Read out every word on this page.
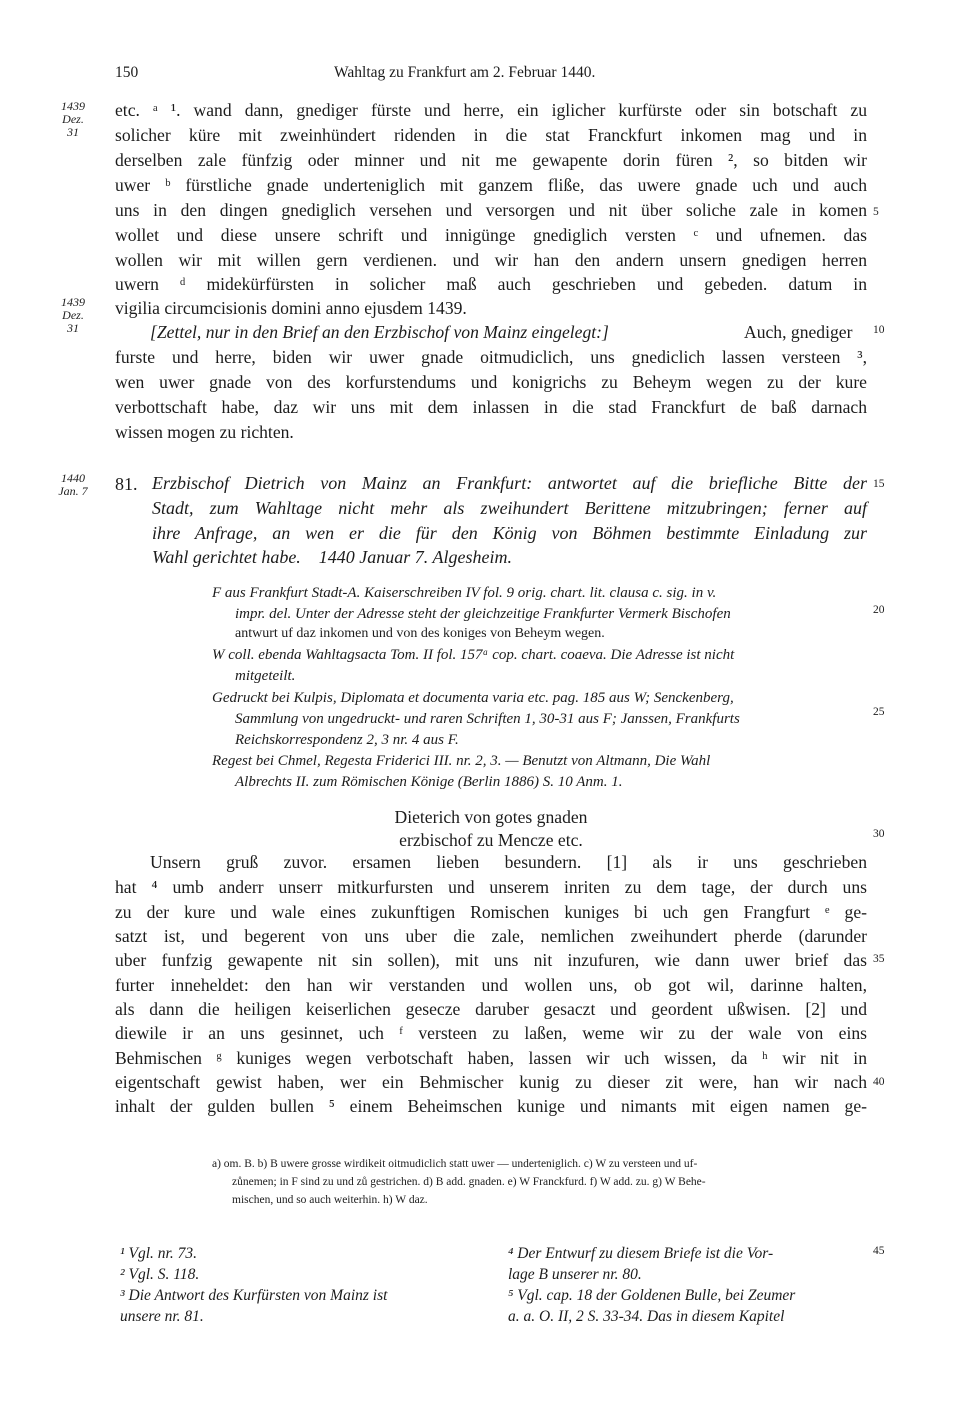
150	Wahltag zu Frankfurt am 2. Februar 1440.
1439
Dez. 31
1439
Dez. 31
1440
Jan. 7
5
10
15
20
25
30
35
40
45
etc. ᵃ ¹. wand dann, gnediger fürste und herre, ein iglicher kurfürste oder sin botschaft zu
solicher küre mit zweinhündert ridenden in die stat Franckfurt inkomen mag und in
derselben zale fünfzig oder minner und nit me gewapente dorin füren ², so bitden wir
uwer ᵇ fürstliche gnade underteniglich mit ganzem fliße, das uwere gnade uch und auch
uns in den dingen gnediglich versehen und versorgen und nit über soliche zale in komen
wollet und diese unsere schrift und innigünge gnediglich versten ᶜ und ufnemen. das
wollen wir mit willen gern verdienen. und wir han den andern unsern gnedigen herren
uwern ᵈ midekürfürsten in solicher maß auch geschrieben und gebeden. datum in
vigilia circumcisionis domini anno ejusdem 1439.
[Zettel, nur in den Brief an den Erzbischof von Mainz eingelegt:]	Auch, gnediger
furste und herre, biden wir uwer gnade oitmudiclich, uns gnediclich lassen versteen ³,
wen uwer gnade von des korfurstendums und konigrichs zu Beheym wegen zu der kure
verbottschaft habe, daz wir uns mit dem inlassen in die stad Franckfurt de baß darnach
wissen mogen zu richten.
81. Erzbischof Dietrich von Mainz an Frankfurt: antwortet auf die briefliche Bitte der
Stadt, zum Wahltage nicht mehr als zweihundert Berittene mitzubringen; ferner auf
ihre Anfrage, an wen er die für den König von Böhmen bestimmte Einladung zur
Wahl gerichtet habe.    1440 Januar 7. Algesheim.
F aus Frankfurt Stadt-A. Kaiserschreiben IV fol. 9 orig. chart. lit. clausa c. sig. in v.
impr. del. Unter der Adresse steht der gleichzeitige Frankfurter Vermerk Bischofen
antwurt uf daz inkomen und von des koniges von Beheym wegen.
W coll. ebenda Wahltagsacta Tom. II fol. 157ᵃ cop. chart. coaeva. Die Adresse ist nicht
mitgeteilt.
Gedruckt bei Kulpis, Diplomata et documenta varia etc. pag. 185 aus W; Senckenberg,
Sammlung von ungedruckt- und raren Schriften 1, 30-31 aus F; Janssen, Frankfurts
Reichskorrespondenz 2, 3 nr. 4 aus F.
Regest bei Chmel, Regesta Friderici III. nr. 2, 3. — Benutzt von Altmann, Die Wahl
Albrechts II. zum Römischen Könige (Berlin 1886) S. 10 Anm. 1.
Dieterich von gotes gnaden
erzbischof zu Mencze etc.
Unsern gruß zuvor. ersamen lieben besundern. [1] als ir uns geschrieben
hat ⁴ umb anderr unserr mitkurfursten und unserem inriten zu dem tage, der durch uns
zu der kure und wale eines zukunftigen Romischen kuniges bi uch gen Frangfurt ᵉ ge-
satzt ist, und begerent von uns uber die zale, nemlichen zweihundert pherde (darunder
uber funfzig gewapente nit sin sollen), mit uns nit inzufuren, wie dann uwer brief das
furter inneheldet: den han wir verstanden und wollen uns, ob got wil, darinne halten,
als dann die heiligen keiserlichen gesecze daruber gesaczt und geordent ußwisen. [2] und
diewile ir an uns gesinnet, uch ᶠ versteen zu laßen, weme wir zu der wale von eins
Behmischen ᵍ kuniges wegen verbotschaft haben, lassen wir uch wissen, da ʰ wir nit in
eigentschaft gewist haben, wer ein Behmischer kunig zu dieser zit were, han wir nach
inhalt der gulden bullen ⁵ einem Beheimschen kunige und nimants mit eigen namen ge-
a) om. B. b) B uwere grosse wirdikeit oitmudiclich statt uwer — underteniglich. c) W zu versteen und uf-
zůnemen; in F sind zu und zů gestrichen. d) B add. gnaden. e) W Franckfurd. f) W add. zu. g) W Behe-
mischen, und so auch weiterhin. h) W daz.
¹ Vgl. nr. 73.
² Vgl. S. 118.
³ Die Antwort des Kurfürsten von Mainz ist
unsere nr. 81.
⁴ Der Entwurf zu diesem Briefe ist die Vor-
lage B unserer nr. 80.
⁵ Vgl. cap. 18 der Goldenen Bulle, bei Zeumer
a. a. O. II, 2 S. 33-34. Das in diesem Kapitel
